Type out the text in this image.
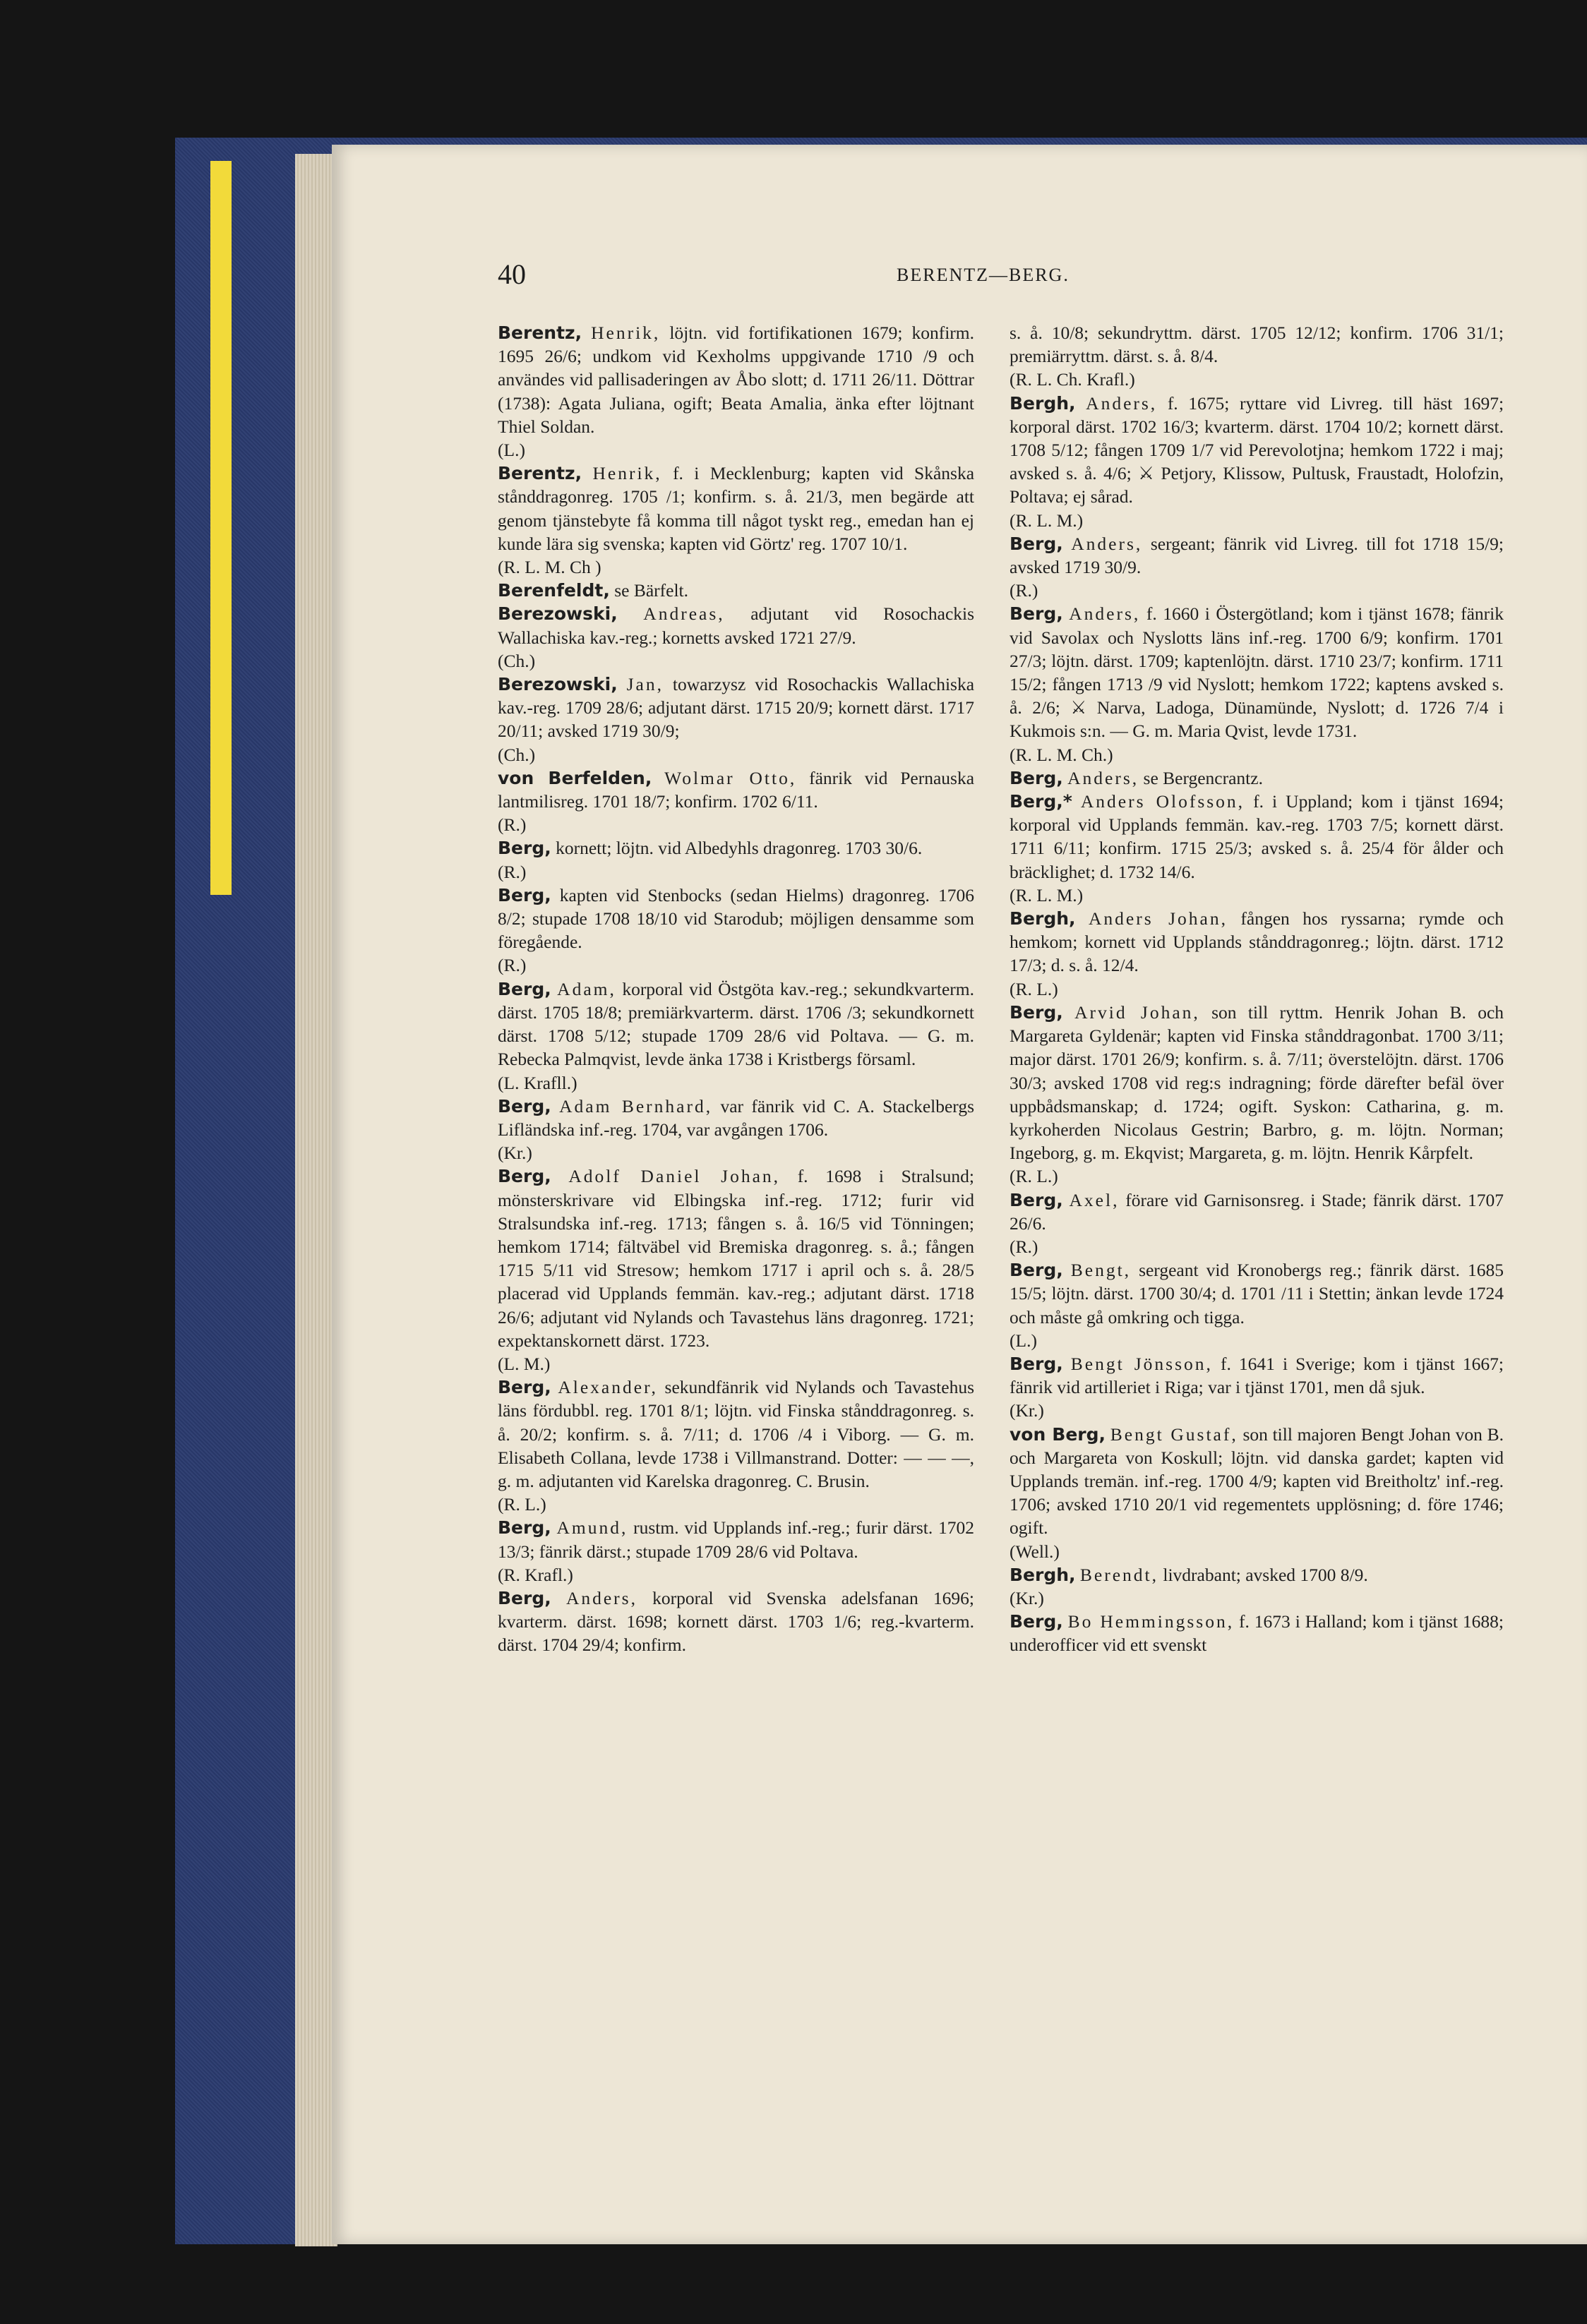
40	BERENTZ—BERG.

Berentz, Henrik, löjtn. vid fortifikationen 1679; konfirm. 1695 26/6; undkom vid Kexholms uppgivande 1710 /9 och användes vid pallisaderingen av Åbo slott; d. 1711 26/11. Döttrar (1738): Agata Juliana, ogift; Beata Amalia, änka efter löjtnant Thiel Soldan.
(L.)

Berentz, Henrik, f. i Mecklenburg; kapten vid Skånska stånddragonreg. 1705 /1; konfirm. s. å. 21/3, men begärde att genom tjänstebyte få komma till något tyskt reg., emedan han ej kunde lära sig svenska; kapten vid Görtz' reg. 1707 10/1.
(R. L. M. Ch )

Berenfeldt, se Bärfelt.

Berezowski, Andreas, adjutant vid Rosochackis Wallachiska kav.-reg.; kornetts avsked 1721 27/9.
(Ch.)

Berezowski, Jan, towarzysz vid Rosochackis Wallachiska kav.-reg. 1709 28/6; adjutant därst. 1715 20/9; kornett därst. 1717 20/11; avsked 1719 30/9;
(Ch.)

von Berfelden, Wolmar Otto, fänrik vid Pernauska lantmilisreg. 1701 18/7; konfirm. 1702 6/11.
(R.)

Berg, kornett; löjtn. vid Albedyhls dragonreg. 1703 30/6.
(R.)

Berg, kapten vid Stenbocks (sedan Hielms) dragonreg. 1706 8/2; stupade 1708 18/10 vid Starodub; möjligen densamme som föregående.
(R.)

Berg, Adam, korporal vid Östgöta kav.-reg.; sekundkvarterm. därst. 1705 18/8; premiärkvarterm. därst. 1706 /3; sekundkornett därst. 1708 5/12; stupade 1709 28/6 vid Poltava. — G. m. Rebecka Palmqvist, levde änka 1738 i Kristbergs församl.
(L. Krafll.)

Berg, Adam Bernhard, var fänrik vid C. A. Stackelbergs Lifländska inf.-reg. 1704, var avgången 1706.
(Kr.)

Berg, Adolf Daniel Johan, f. 1698 i Stralsund; mönsterskrivare vid Elbingska inf.-reg. 1712; furir vid Stralsundska inf.-reg. 1713; fången s. å. 16/5 vid Tönningen; hemkom 1714; fältväbel vid Bremiska dragonreg. s. å.; fången 1715 5/11 vid Stresow; hemkom 1717 i april och s. å. 28/5 placerad vid Upplands femmän. kav.-reg.; adjutant därst. 1718 26/6; adjutant vid Nylands och Tavastehus läns dragonreg. 1721; expektanskornett därst. 1723.
(L. M.)

Berg, Alexander, sekundfänrik vid Nylands och Tavastehus läns fördubbl. reg. 1701 8/1; löjtn. vid Finska stånddragonreg. s. å. 20/2; konfirm. s. å. 7/11; d. 1706 /4 i Viborg. — G. m. Elisabeth Collana, levde 1738 i Villmanstrand. Dotter: — — —, g. m. adjutanten vid Karelska dragonreg. C. Brusin.
(R. L.)

Berg, Amund, rustm. vid Upplands inf.-reg.; furir därst. 1702 13/3; fänrik därst.; stupade 1709 28/6 vid Poltava.
(R. Krafl.)

Berg, Anders, korporal vid Svenska adelsfanan 1696; kvarterm. därst. 1698; kornett därst. 1703 1/6; reg.-kvarterm. därst. 1704 29/4; konfirm.

s. å. 10/8; sekundryttm. därst. 1705 12/12; konfirm. 1706 31/1; premiärryttm. därst. s. å. 8/4.
(R. L. Ch. Krafl.)

Bergh, Anders, f. 1675; ryttare vid Livreg. till häst 1697; korporal därst. 1702 16/3; kvarterm. därst. 1704 10/2; kornett därst. 1708 5/12; fången 1709 1/7 vid Perevolotjna; hemkom 1722 i maj; avsked s. å. 4/6; ⚔ Petjory, Klissow, Pultusk, Fraustadt, Holofzin, Poltava; ej sårad.
(R. L. M.)

Berg, Anders, sergeant; fänrik vid Livreg. till fot 1718 15/9; avsked 1719 30/9.
(R.)

Berg, Anders, f. 1660 i Östergötland; kom i tjänst 1678; fänrik vid Savolax och Nyslotts läns inf.-reg. 1700 6/9; konfirm. 1701 27/3; löjtn. därst. 1709; kaptenlöjtn. därst. 1710 23/7; konfirm. 1711 15/2; fången 1713 /9 vid Nyslott; hemkom 1722; kaptens avsked s. å. 2/6; ⚔ Narva, Ladoga, Dünamünde, Nyslott; d. 1726 7/4 i Kukmois s:n. — G. m. Maria Qvist, levde 1731.
(R. L. M. Ch.)

Berg, Anders, se Bergencrantz.

Berg,* Anders Olofsson, f. i Uppland; kom i tjänst 1694; korporal vid Upplands femmän. kav.-reg. 1703 7/5; kornett därst. 1711 6/11; konfirm. 1715 25/3; avsked s. å. 25/4 för ålder och bräcklighet; d. 1732 14/6.
(R. L. M.)

Bergh, Anders Johan, fången hos ryssarna; rymde och hemkom; kornett vid Upplands stånddragonreg.; löjtn. därst. 1712 17/3; d. s. å. 12/4.
(R. L.)

Berg, Arvid Johan, son till ryttm. Henrik Johan B. och Margareta Gyldenär; kapten vid Finska stånddragonbat. 1700 3/11; major därst. 1701 26/9; konfirm. s. å. 7/11; överstelöjtn. därst. 1706 30/3; avsked 1708 vid reg:s indragning; förde därefter befäl över uppbådsmanskap; d. 1724; ogift. Syskon: Catharina, g. m. kyrkoherden Nicolaus Gestrin; Barbro, g. m. löjtn. Norman; Ingeborg, g. m. Ekqvist; Margareta, g. m. löjtn. Henrik Kårpfelt.
(R. L.)

Berg, Axel, förare vid Garnisonsreg. i Stade; fänrik därst. 1707 26/6.
(R.)

Berg, Bengt, sergeant vid Kronobergs reg.; fänrik därst. 1685 15/5; löjtn. därst. 1700 30/4; d. 1701 /11 i Stettin; änkan levde 1724 och måste gå omkring och tigga.
(L.)

Berg, Bengt Jönsson, f. 1641 i Sverige; kom i tjänst 1667; fänrik vid artilleriet i Riga; var i tjänst 1701, men då sjuk.
(Kr.)

von Berg, Bengt Gustaf, son till majoren Bengt Johan von B. och Margareta von Koskull; löjtn. vid danska gardet; kapten vid Upplands tremän. inf.-reg. 1700 4/9; kapten vid Breitholtz' inf.-reg. 1706; avsked 1710 20/1 vid regementets upplösning; d. före 1746; ogift.
(Well.)

Bergh, Berendt, livdrabant; avsked 1700 8/9.
(Kr.)

Berg, Bo Hemmingsson, f. 1673 i Halland; kom i tjänst 1688; underofficer vid ett svenskt
